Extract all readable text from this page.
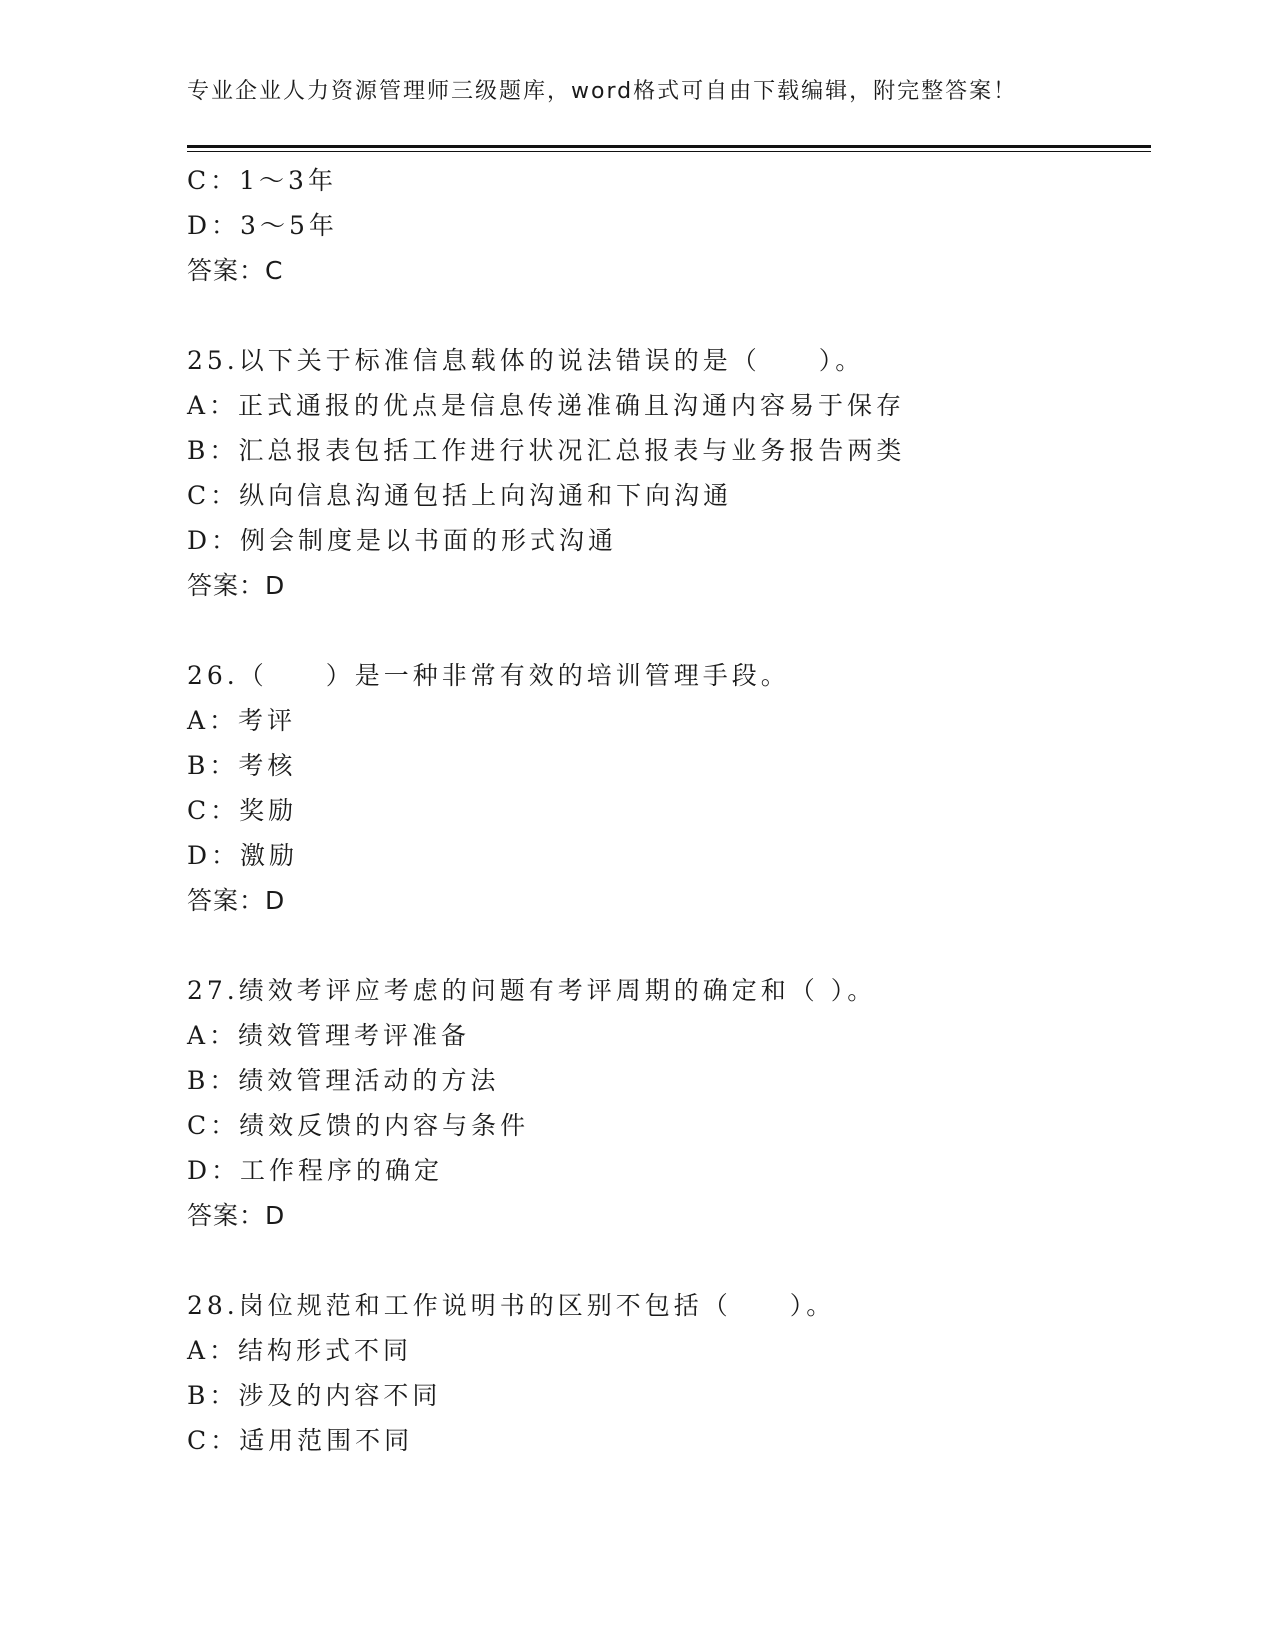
专业企业人力资源管理师三级题库，word格式可自由下载编辑，附完整答案！
C：1～3年
D：3～5年
答案：C
25.以下关于标准信息载体的说法错误的是（　　）。
A：正式通报的优点是信息传递准确且沟通内容易于保存
B：汇总报表包括工作进行状况汇总报表与业务报告两类
C：纵向信息沟通包括上向沟通和下向沟通
D：例会制度是以书面的形式沟通
答案：D
26.（　　）是一种非常有效的培训管理手段。
A：考评
B：考核
C：奖励
D：激励
答案：D
27.绩效考评应考虑的问题有考评周期的确定和（ ）。
A：绩效管理考评准备
B：绩效管理活动的方法
C：绩效反馈的内容与条件
D：工作程序的确定
答案：D
28.岗位规范和工作说明书的区别不包括（　　）。
A：结构形式不同
B：涉及的内容不同
C：适用范围不同
